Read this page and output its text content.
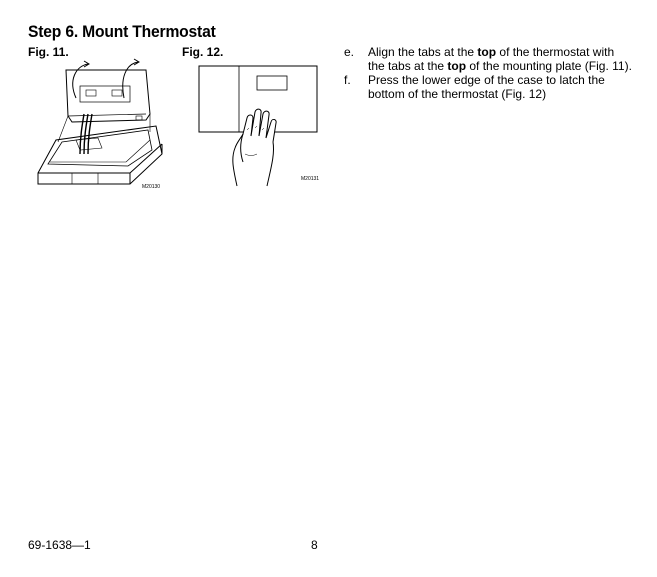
Step 6. Mount Thermostat
Fig. 11.	Fig. 12.
M20130
M20131
e. Align the tabs at the top of the thermostat with the tabs at the top of the mounting plate (Fig. 11).
f. Press the lower edge of the case to latch the bottom of the thermostat (Fig. 12)
69-1638—1	8
